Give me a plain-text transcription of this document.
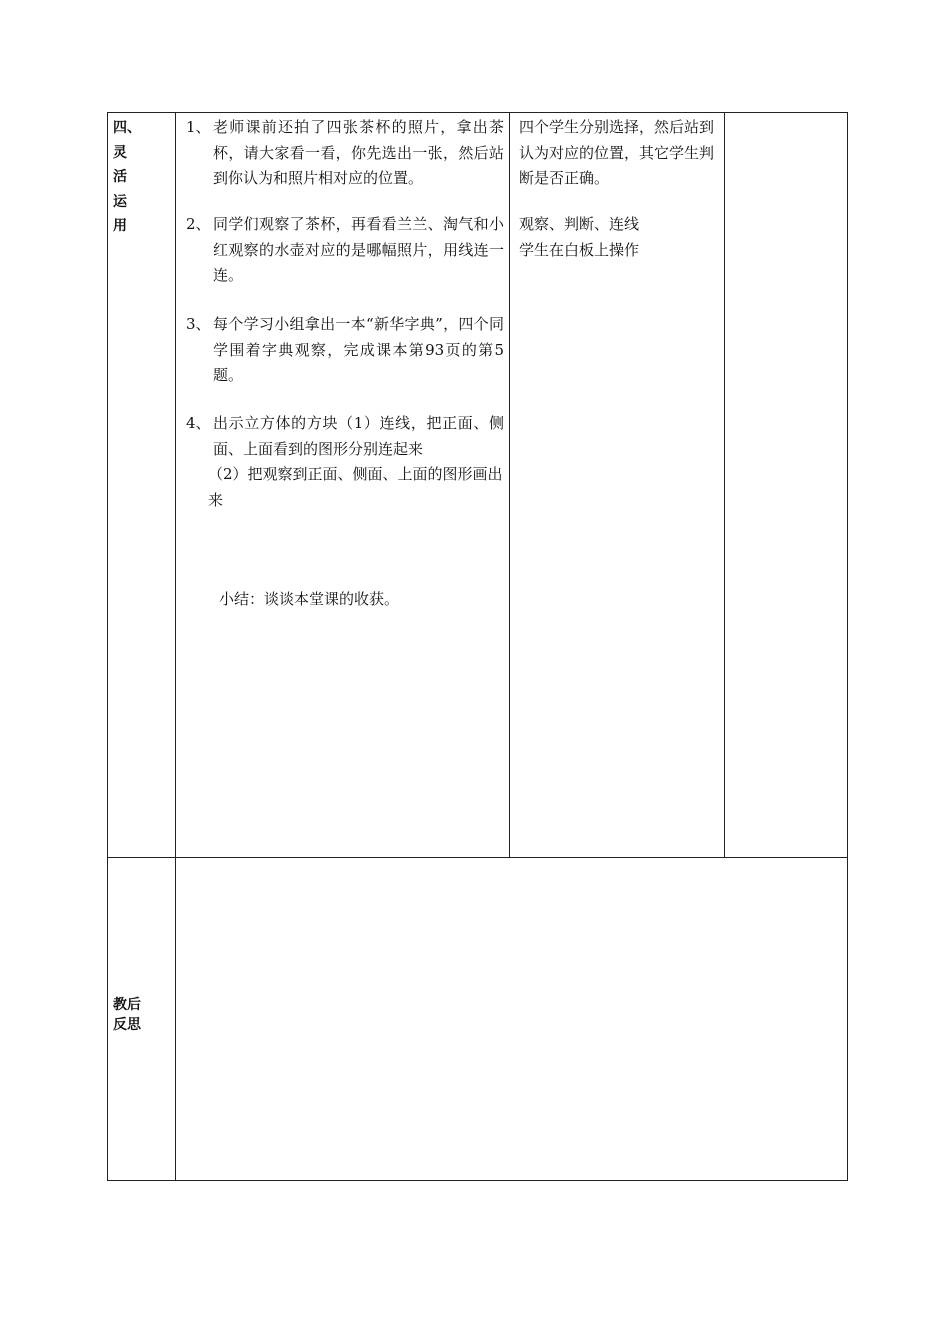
四、
灵
活
运
用
1、 老师课前还拍了四张茶杯的照片，拿出茶杯，请大家看一看，你先选出一张，然后站到你认为和照片相对应的位置。
2、 同学们观察了茶杯，再看看兰兰、淘气和小红观察的水壶对应的是哪幅照片，用线连一连。
3、 每个学习小组拿出一本“新华字典”，四个同学围着字典观察，完成课本第93页的第5题。
4、 出示立方体的方块（1）连线，把正面、侧面、上面看到的图形分别连起来
（2）把观察到正面、侧面、上面的图形画出来
小结：谈谈本堂课的收获。
四个学生分别选择，然后站到认为对应的位置，其它学生判断是否正确。
观察、判断、连线
学生在白板上操作
教后
反思
